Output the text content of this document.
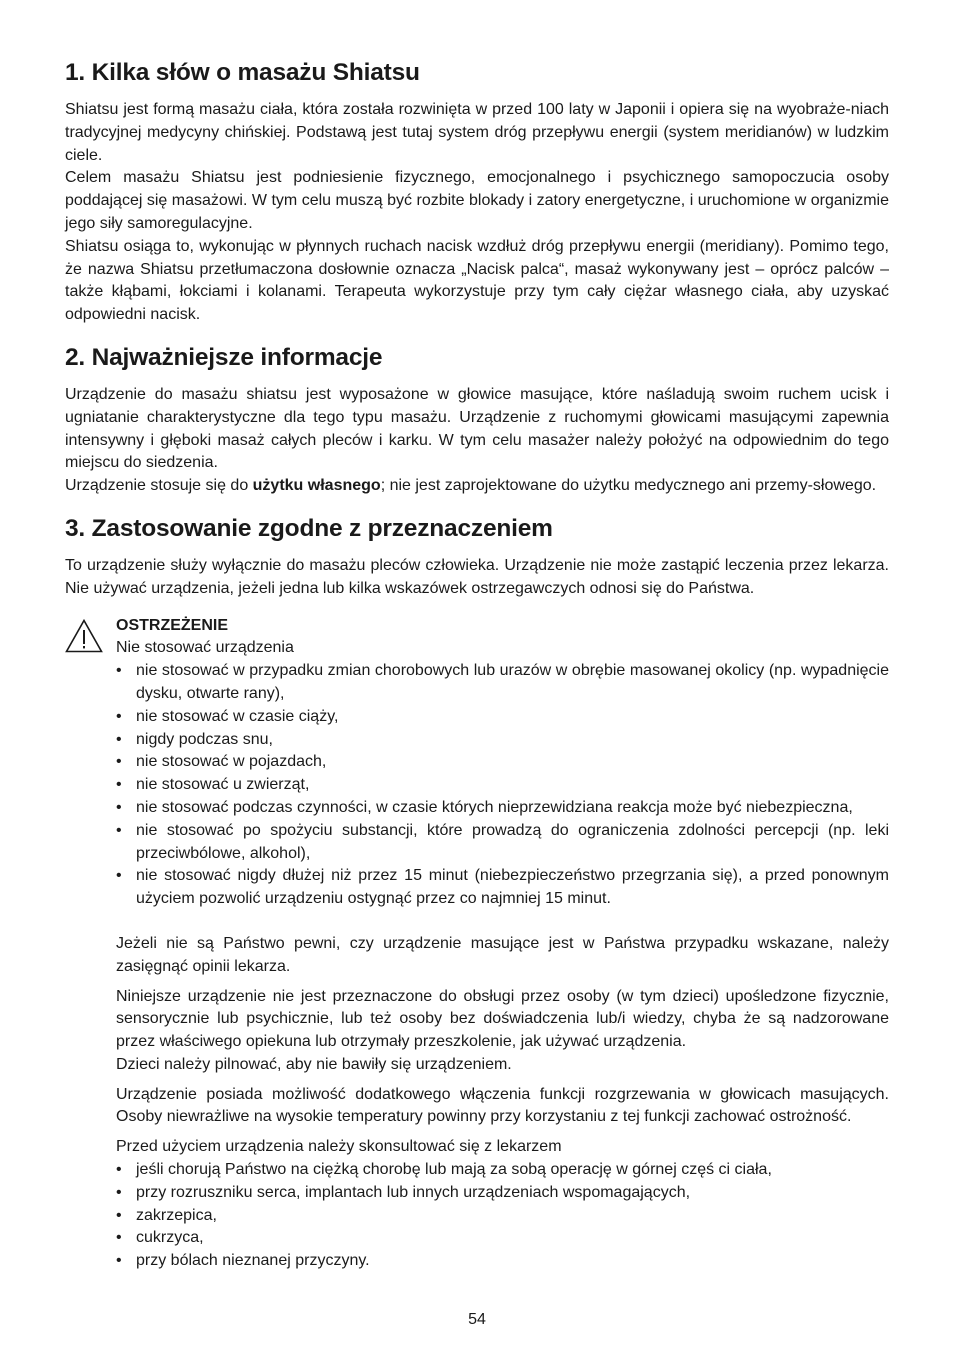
1. Kilka słów o masażu Shiatsu

Shiatsu jest formą masażu ciała, która została rozwinięta w przed 100 laty w Japonii i opiera się na wyobraże-niach tradycyjnej medycyny chińskiej. Podstawą jest tutaj system dróg przepływu energii (system meridianów) w ludzkim ciele.

Celem masażu Shiatsu jest podniesienie fizycznego, emocjonalnego i psychicznego samopoczucia osoby poddającej się masażowi. W tym celu muszą być rozbite blokady i zatory energetyczne, i uruchomione w organizmie jego siły samoregulacyjne.

Shiatsu osiąga to, wykonując w płynnych ruchach nacisk wzdłuż dróg przepływu energii (meridiany). Pomimo tego, że nazwa Shiatsu przetłumaczona dosłownie oznacza „Nacisk palca“, masaż wykonywany jest – oprócz palców – także kłąbami, łokciami i kolanami. Terapeuta wykorzystuje przy tym cały ciężar własnego ciała, aby uzyskać odpowiedni nacisk.

2. Najważniejsze informacje

Urządzenie do masażu shiatsu jest wyposażone w głowice masujące, które naśladują swoim ruchem ucisk i ugniatanie charakterystyczne dla tego typu masażu. Urządzenie z ruchomymi głowicami masującymi zapewnia intensywny i głęboki masaż całych pleców i karku. W tym celu masażer należy położyć na odpowiednim do tego miejscu do siedzenia.

Urządzenie stosuje się do użytku własnego; nie jest zaprojektowane do użytku medycznego ani przemy-słowego.

3. Zastosowanie zgodne z przeznaczeniem

To urządzenie służy wyłącznie do masażu pleców człowieka. Urządzenie nie może zastąpić leczenia przez lekarza. Nie używać urządzenia, jeżeli jedna lub kilka wskazówek ostrzegawczych odnosi się do Państwa.

OSTRZEŻENIE

Nie stosować urządzenia

• nie stosować w przypadku zmian chorobowych lub urazów w obrębie masowanej okolicy (np. wypadnięcie dysku, otwarte rany),
• nie stosować w czasie ciąży,
• nigdy podczas snu,
• nie stosować w pojazdach,
• nie stosować u zwierząt,
• nie stosować podczas czynności, w czasie których nieprzewidziana reakcja może być niebezpieczna,
• nie stosować po spożyciu substancji, które prowadzą do ograniczenia zdolności percepcji (np. leki przeciwbólowe, alkohol),
• nie stosować nigdy dłużej niż przez 15 minut (niebezpieczeństwo przegrzania się), a przed ponownym użyciem pozwolić urządzeniu ostygnąć przez co najmniej 15 minut.

Jeżeli nie są Państwo pewni, czy urządzenie masujące jest w Państwa przypadku wskazane, należy zasięgnąć opinii lekarza.

Niniejsze urządzenie nie jest przeznaczone do obsługi przez osoby (w tym dzieci) upośledzone fizycznie, sensorycznie lub psychicznie, lub też osoby bez doświadczenia lub/i wiedzy, chyba że są nadzorowane przez właściwego opiekuna lub otrzymały przeszkolenie, jak używać urządzenia.

Dzieci należy pilnować, aby nie bawiły się urządzeniem.

Urządzenie posiada możliwość dodatkowego włączenia funkcji rozgrzewania w głowicach masujących. Osoby niewrażliwe na wysokie temperatury powinny przy korzystaniu z tej funkcji zachować ostrożność.

Przed użyciem urządzenia należy skonsultować się z lekarzem

• jeśli chorują Państwo na ciężką chorobę lub mają za sobą operację w górnej częś ci ciała,
• przy rozruszniku serca, implantach lub innych urządzeniach wspomagających,
• zakrzepica,
• cukrzyca,
• przy bólach nieznanej przyczyny.
54
